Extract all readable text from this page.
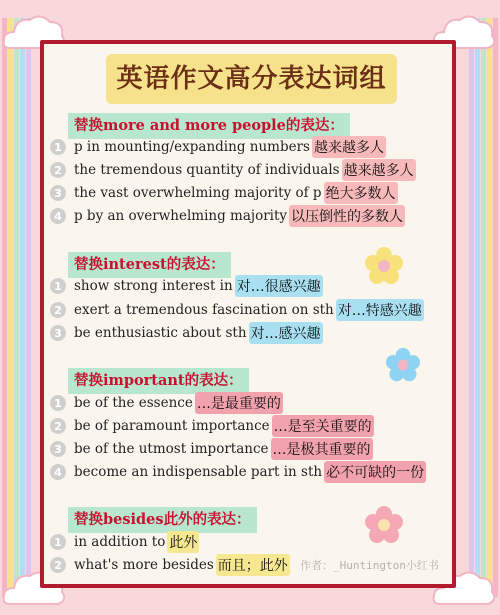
英语作文高分表达词组
替换more and more people的表达：
1 p in mounting/expanding numbers 越来越多人
2 the tremendous quantity of individuals 越来越多人
3 the vast overwhelming majority of p 绝大多数人
4 p by an overwhelming majority 以压倒性的多数人
替换interest的表达：
1 show strong interest in 对…很感兴趣
2 exert a tremendous fascination on sth 对…特感兴趣
3 be enthusiastic about sth 对…感兴趣
替换important的表达：
1 be of the essence …是最重要的
2 be of paramount importance …是至关重要的
3 be of the utmost importance …是极其重要的
4 become an indispensable part in sth 必不可缺的一份
替换besides此外的表达：
1 in addition to 此外
2 what's more besides 而且；此外 作者：_Huntington小红书
